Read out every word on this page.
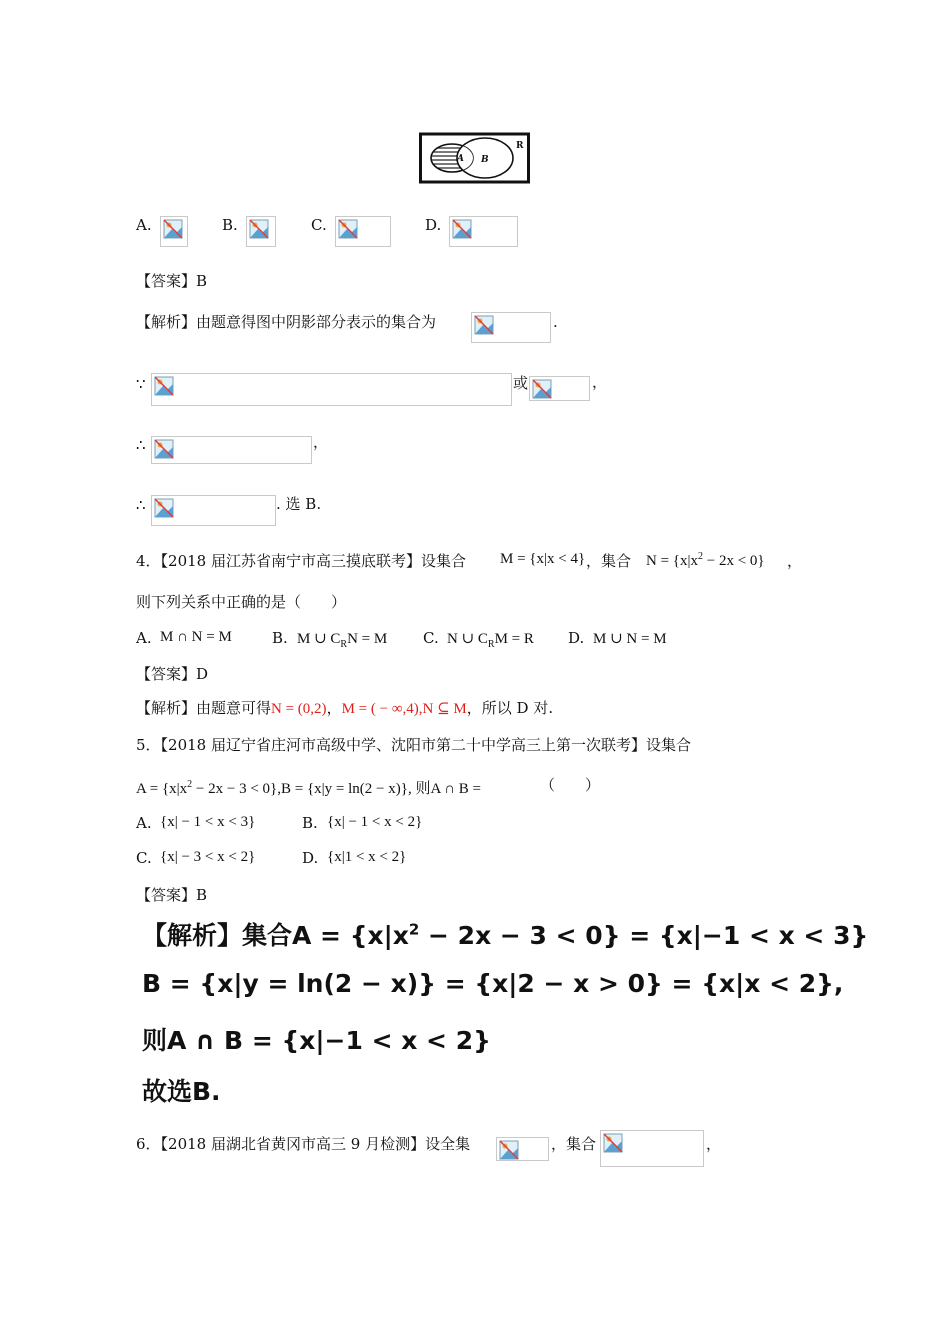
A B
R
A.	B.	C.	D.
【答案】B
【解析】由题意得图中阴影部分表示的集合为	.
∵	或	，
∴	，
∴	. 选 B.
4．【2018 届江苏省南宁市高三摸底联考】设集合 M = {x|x < 4} ，集合 $N = \{x|x^2 - 2x < 0\}$ ，
则下列关系中正确的是（　　）
A. M ∩ N = M	B. M ∪ $C_RN = M$ C. N ∪ $C_RM = R$ D. M ∪ N = M
【答案】D
【解析】由题意可得N = (0,2)，M = ( − ∞,4),N ⊆ M，所以 D 对.
5．【2018 届辽宁省庄河市高级中学、沈阳市第二十中学高三上第一次联考】设集合
$A = \{x|x^2 - 2x - 3 < 0\},B = \{x|y = \ln(2 - x)\}$, 则A ∩ B =	（　　）
A. {x| − 1 < x < 3}	B. {x| − 1 < x < 2}
C. {x| − 3 < x < 2}	D. {x|1 < x < 2}
【答案】B
【解析】集合$A = \{x|x^2 - 2x - 3 < 0\} = \{x|-1 < x < 3\}$
B = {x|y = ln(2 − x)} = {x|2 − x > 0} = {x|x < 2},
则A ∩ B = {x|−1 < x < 2}
故选B.
6．【2018 届湖北省黄冈市高三 9 月检测】设全集	，集合	，
